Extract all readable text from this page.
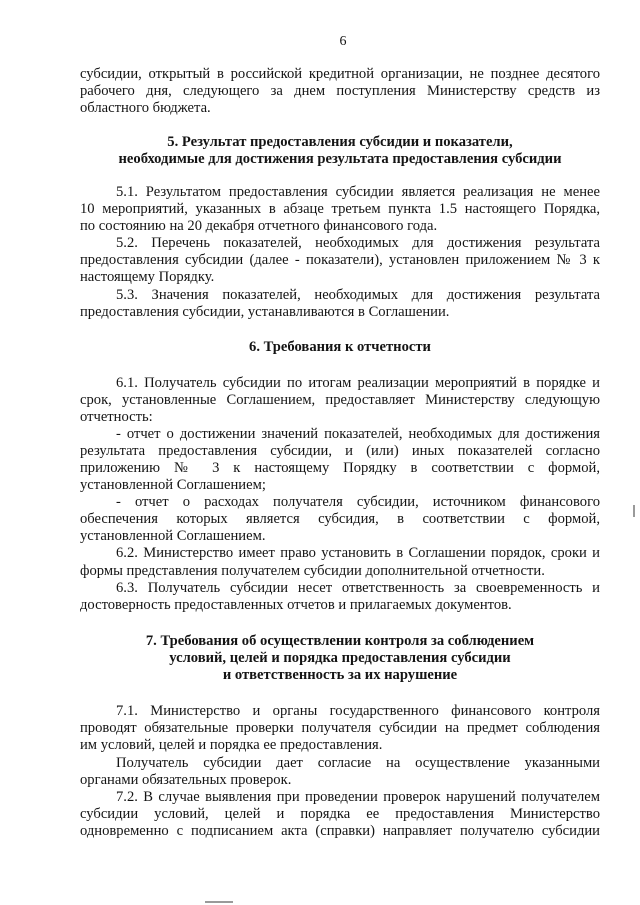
6
субсидии, открытый в российской кредитной организации, не позднее десятого
рабочего дня, следующего за днем поступления Министерству средств из
областного бюджета.
5. Результат предоставления субсидии и показатели,
необходимые для достижения результата предоставления субсидии
5.1. Результатом предоставления субсидии является реализация не менее
10 мероприятий, указанных в абзаце третьем пункта 1.5 настоящего Порядка,
по состоянию на 20 декабря отчетного финансового года.
5.2. Перечень показателей, необходимых для достижения результата
предоставления субсидии (далее - показатели), установлен приложением № 3 к
настоящему Порядку.
5.3. Значения показателей, необходимых для достижения результата
предоставления субсидии, устанавливаются в Соглашении.
6. Требования к отчетности
6.1. Получатель субсидии по итогам реализации мероприятий в порядке и
срок, установленные Соглашением, предоставляет Министерству следующую
отчетность:
- отчет о достижении значений показателей, необходимых для достижения
результата предоставления субсидии, и (или) иных показателей согласно
приложению № 3 к настоящему Порядку в соответствии с формой,
установленной Соглашением;
- отчет о расходах получателя субсидии, источником финансового
обеспечения которых является субсидия, в соответствии с формой,
установленной Соглашением.
6.2. Министерство имеет право установить в Соглашении порядок, сроки и
формы представления получателем субсидии дополнительной отчетности.
6.3. Получатель субсидии несет ответственность за своевременность и
достоверность предоставленных отчетов и прилагаемых документов.
7. Требования об осуществлении контроля за соблюдением
условий, целей и порядка предоставления субсидии
и ответственность за их нарушение
7.1. Министерство и органы государственного финансового контроля
проводят обязательные проверки получателя субсидии на предмет соблюдения
им условий, целей и порядка ее предоставления.
Получатель субсидии дает согласие на осуществление указанными
органами обязательных проверок.
7.2. В случае выявления при проведении проверок нарушений получателем
субсидии условий, целей и порядка ее предоставления Министерство
одновременно с подписанием акта (справки) направляет получателю субсидии
